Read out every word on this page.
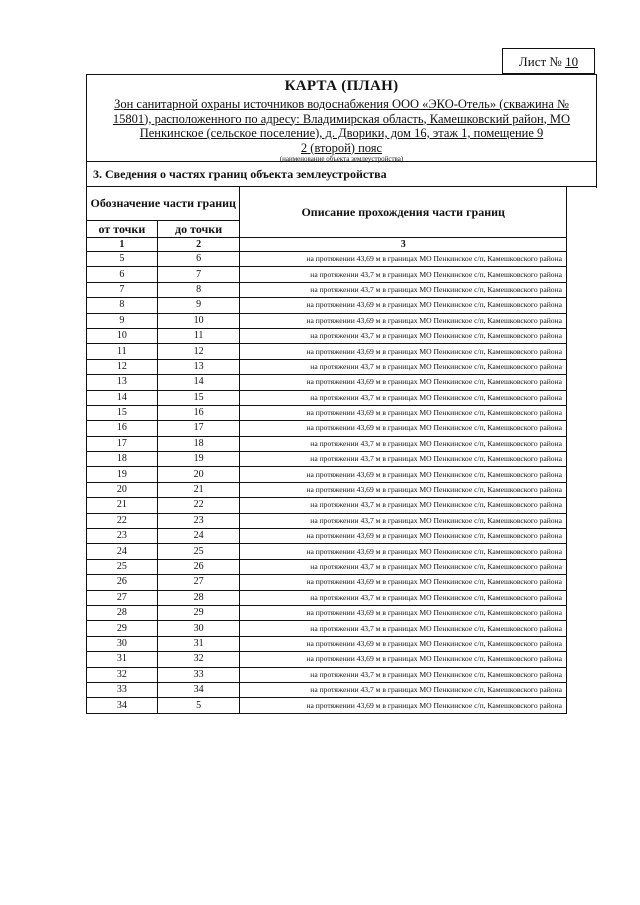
Лист № 10
КАРТА (ПЛАН)
Зон санитарной охраны источников водоснабжения ООО «ЭКО-Отель» (скважина № 15801), расположенного по адресу: Владимирская область, Камешковский район, МО Пенкинское (сельское поселение), д. Дворики, дом 16, этаж 1, помещение 9
2 (второй) пояс
(наименование объекта землеустройства)
3. Сведения о частях границ объекта землеустройства
Обозначение части границ		Описание прохождения части границ
от точки	до точки	
1	2	3
5	6	на протяжении 43,69 м в границах МО Пенкинское с/п, Камешковского района
6	7	на протяжении 43,7 м в границах МО Пенкинское с/п, Камешковского района
7	8	на протяжении 43,7 м в границах МО Пенкинское с/п, Камешковского района
8	9	на протяжении 43,69 м в границах МО Пенкинское с/п, Камешковского района
9	10	на протяжении 43,69 м в границах МО Пенкинское с/п, Камешковского района
10	11	на протяжении 43,7 м в границах МО Пенкинское с/п, Камешковского района
11	12	на протяжении 43,69 м в границах МО Пенкинское с/п, Камешковского района
12	13	на протяжении 43,7 м в границах МО Пенкинское с/п, Камешковского района
13	14	на протяжении 43,69 м в границах МО Пенкинское с/п, Камешковского района
14	15	на протяжении 43,7 м в границах МО Пенкинское с/п, Камешковского района
15	16	на протяжении 43,69 м в границах МО Пенкинское с/п, Камешковского района
16	17	на протяжении 43,69 м в границах МО Пенкинское с/п, Камешковского района
17	18	на протяжении 43,7 м в границах МО Пенкинское с/п, Камешковского района
18	19	на протяжении 43,7 м в границах МО Пенкинское с/п, Камешковского района
19	20	на протяжении 43,69 м в границах МО Пенкинское с/п, Камешковского района
20	21	на протяжении 43,69 м в границах МО Пенкинское с/п, Камешковского района
21	22	на протяжении 43,7 м в границах МО Пенкинское с/п, Камешковского района
22	23	на протяжении 43,7 м в границах МО Пенкинское с/п, Камешковского района
23	24	на протяжении 43,69 м в границах МО Пенкинское с/п, Камешковского района
24	25	на протяжении 43,69 м в границах МО Пенкинское с/п, Камешковского района
25	26	на протяжении 43,7 м в границах МО Пенкинское с/п, Камешковского района
26	27	на протяжении 43,69 м в границах МО Пенкинское с/п, Камешковского района
27	28	на протяжении 43,7 м в границах МО Пенкинское с/п, Камешковского района
28	29	на протяжении 43,69 м в границах МО Пенкинское с/п, Камешковского района
29	30	на протяжении 43,7 м в границах МО Пенкинское с/п, Камешковского района
30	31	на протяжении 43,69 м в границах МО Пенкинское с/п, Камешковского района
31	32	на протяжении 43,69 м в границах МО Пенкинское с/п, Камешковского района
32	33	на протяжении 43,7 м в границах МО Пенкинское с/п, Камешковского района
33	34	на протяжении 43,7 м в границах МО Пенкинское с/п, Камешковского района
34	5	на протяжении 43,69 м в границах МО Пенкинское с/п, Камешковского района
